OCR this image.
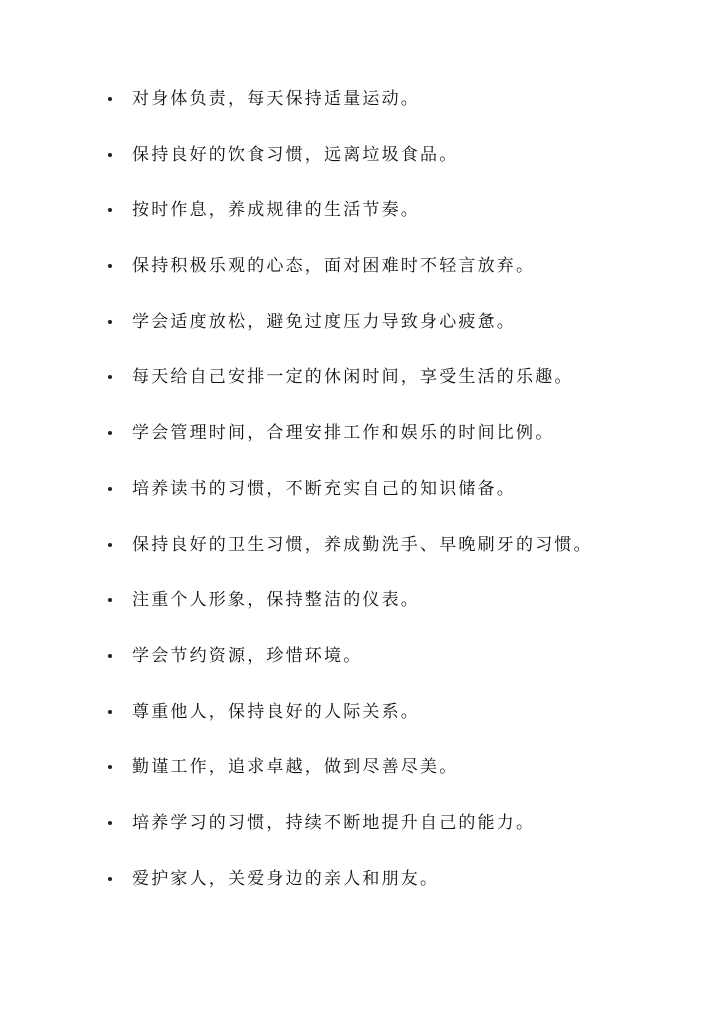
对身体负责，每天保持适量运动。
保持良好的饮食习惯，远离垃圾食品。
按时作息，养成规律的生活节奏。
保持积极乐观的心态，面对困难时不轻言放弃。
学会适度放松，避免过度压力导致身心疲惫。
每天给自己安排一定的休闲时间，享受生活的乐趣。
学会管理时间，合理安排工作和娱乐的时间比例。
培养读书的习惯，不断充实自己的知识储备。
保持良好的卫生习惯，养成勤洗手、早晚刷牙的习惯。
注重个人形象，保持整洁的仪表。
学会节约资源，珍惜环境。
尊重他人，保持良好的人际关系。
勤谨工作，追求卓越，做到尽善尽美。
培养学习的习惯，持续不断地提升自己的能力。
爱护家人，关爱身边的亲人和朋友。
